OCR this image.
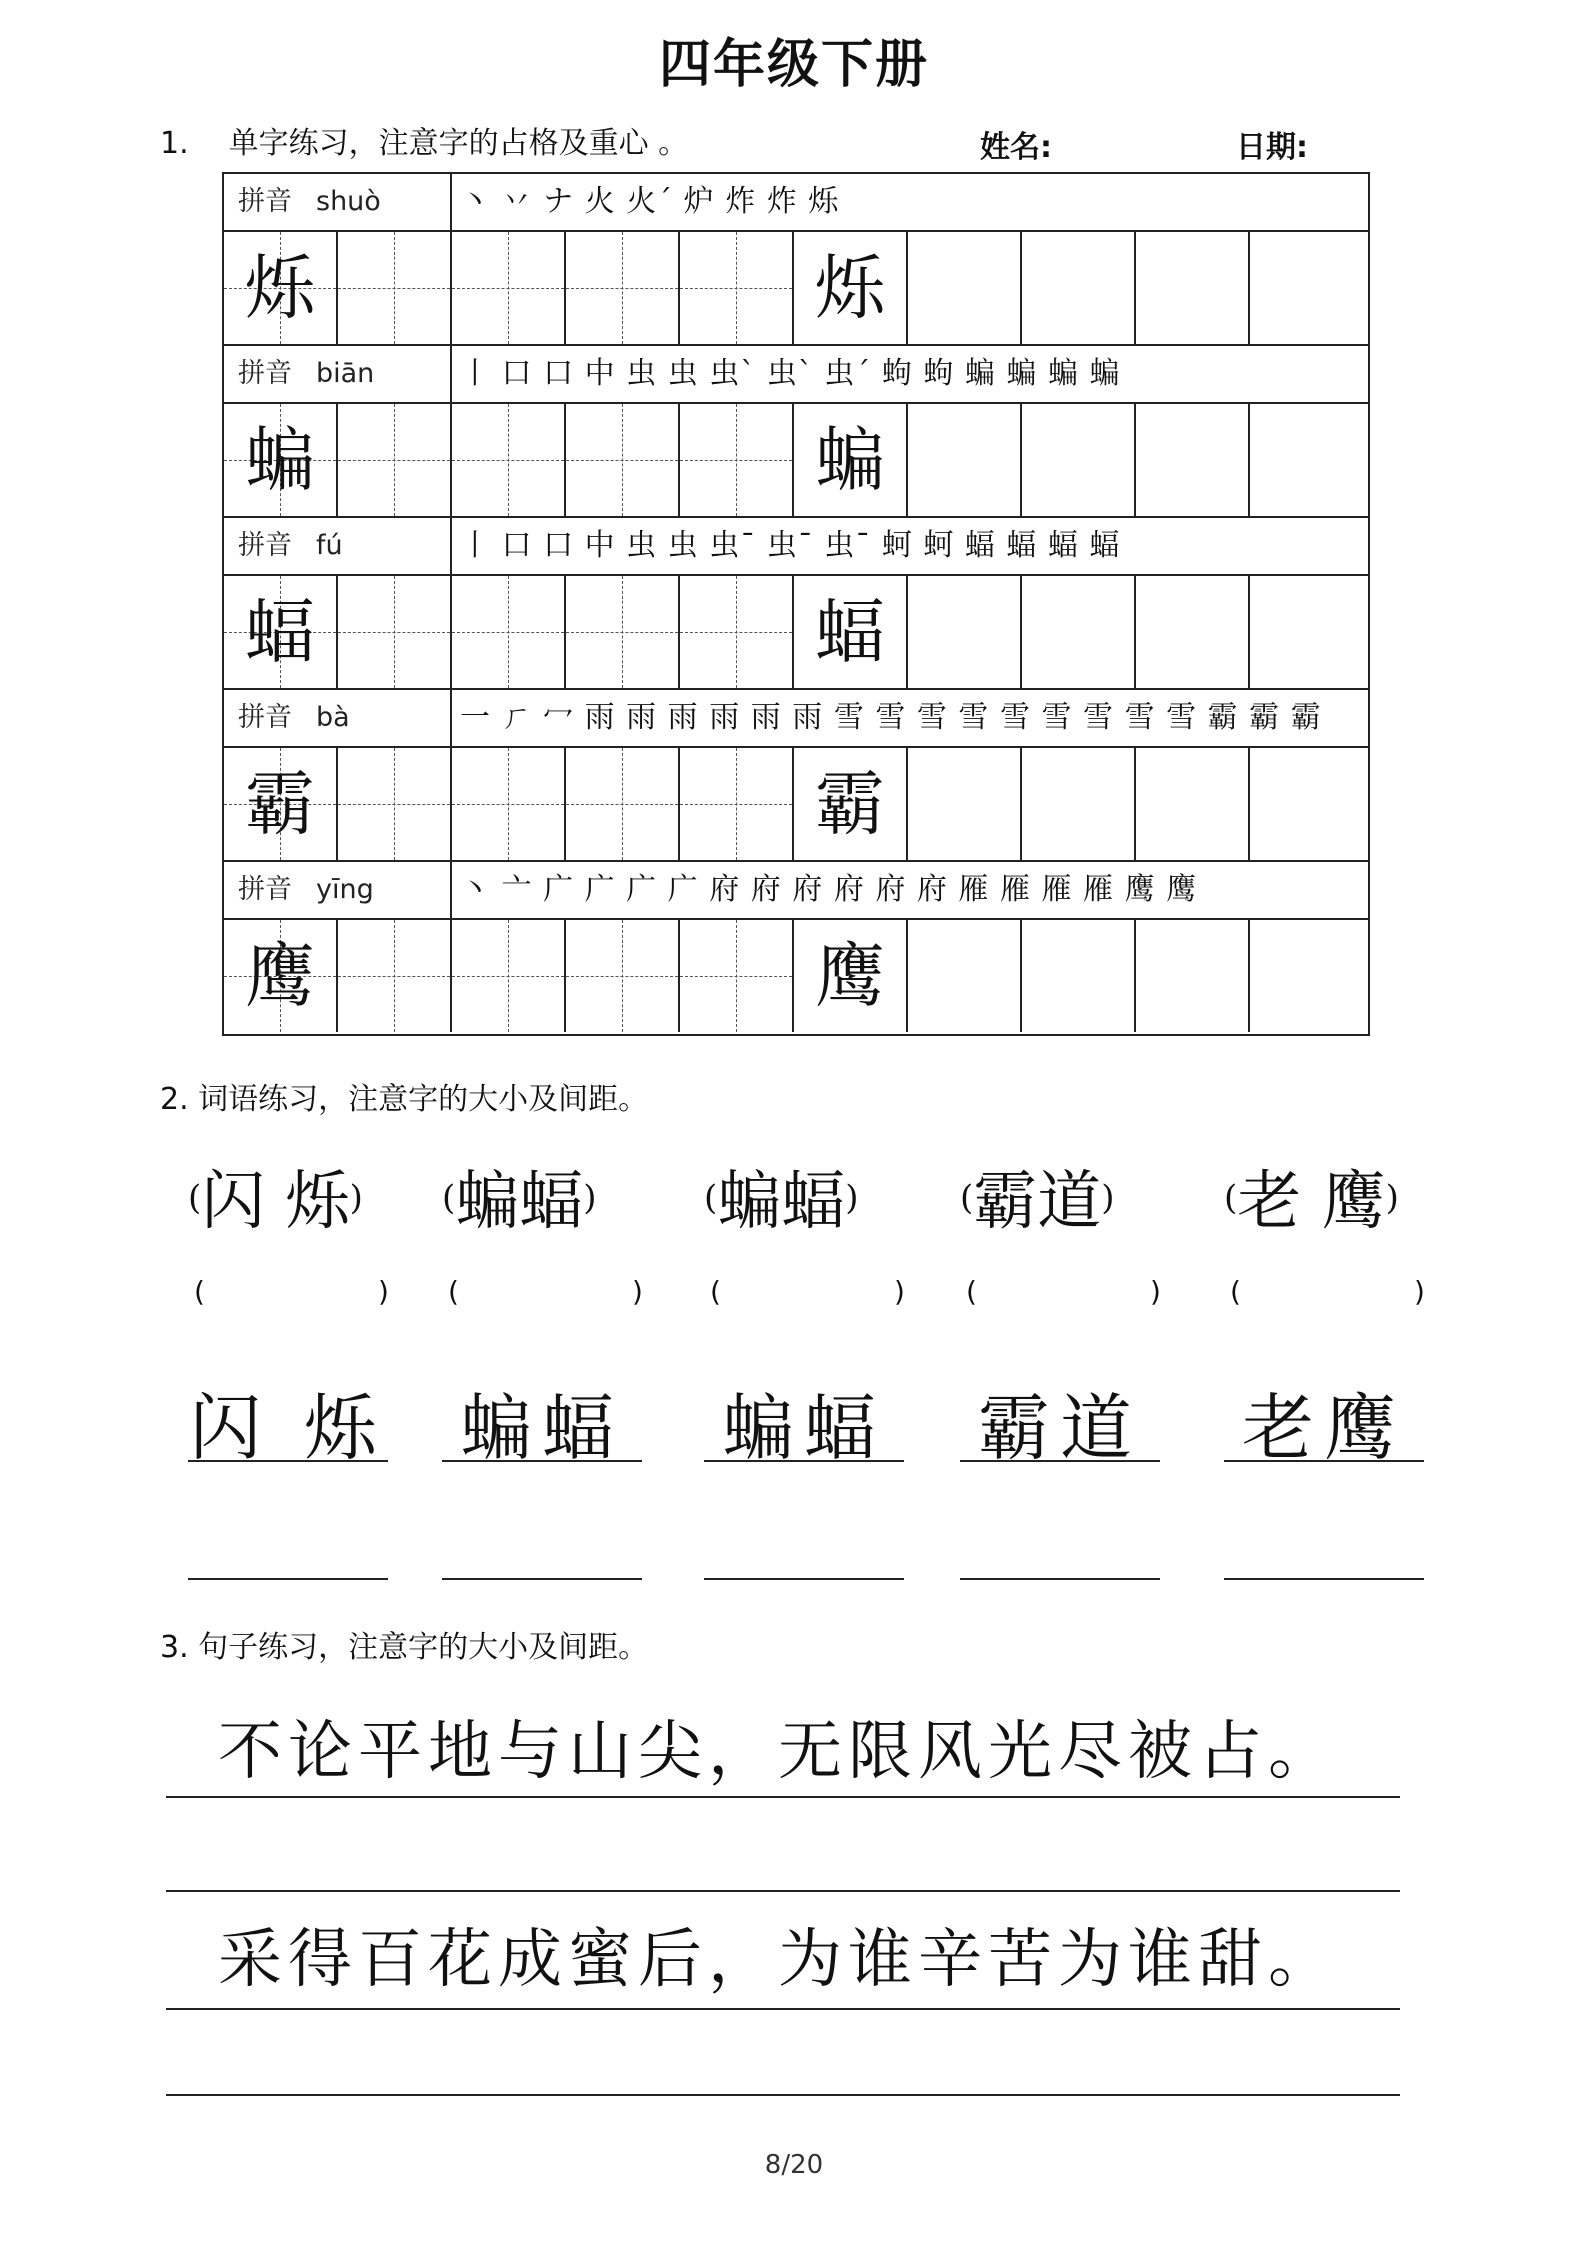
四年级下册
1. 单字练习，注意字的占格及重心 。	姓名:	日期:
拼音 shuò	丶 丷 ナ 火 火ˊ 炉 炸 炸 烁
烁	烁
拼音 biān	丨 口 口 中 虫 虫 虫ˋ 虫ˋ 虫ˊ 蚼 蚼 蝙 蝙 蝙 蝙
蝙	蝙
拼音 fú	丨 口 口 中 虫 虫 虫ˉ 虫ˉ 虫ˉ 蚵 蚵 蝠 蝠 蝠 蝠
蝠	蝠
拼音 bà	一 ㄏ 冖 雨 雨 雨 雨 雨 雨 雪 雪 雪 雪 雪 雪 雪 雪 雪 霸 霸 霸
霸	霸
拼音 yīng	丶 亠 广 广 广 广 府 府 府 府 府 府 雁 雁 雁 雁 鹰 鹰
鹰	鹰
2. 词语练习，注意字的大小及间距。
(闪 烁)
(	)
闪 烁
(蝙蝠)
(	)
蝙蝠
(蝙蝠)
(	)
蝙蝠
(霸道)
(	)
霸道
(老 鹰)
(	)
老鹰
3. 句子练习，注意字的大小及间距。
不论平地与山尖，无限风光尽被占。
采得百花成蜜后，为谁辛苦为谁甜。
8/20
